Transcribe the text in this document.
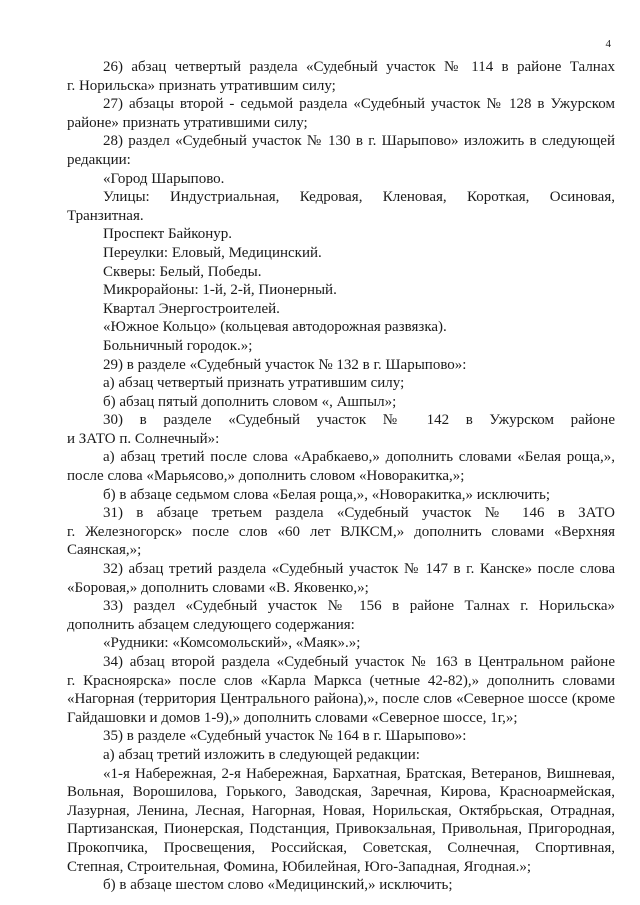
4
26) абзац четвертый раздела «Судебный участок № 114 в районе Талнах
г. Норильска» признать утратившим силу;
27) абзацы второй - седьмой раздела «Судебный участок № 128 в Ужурском
районе» признать утратившими силу;
28) раздел «Судебный участок № 130 в г. Шарыпово» изложить в следующей
редакции:
«Город Шарыпово.
Улицы: Индустриальная, Кедровая, Кленовая, Короткая, Осиновая,
Транзитная.
Проспект Байконур.
Переулки: Еловый, Медицинский.
Скверы: Белый, Победы.
Микрорайоны: 1-й, 2-й, Пионерный.
Квартал Энергостроителей.
«Южное Кольцо» (кольцевая автодорожная развязка).
Больничный городок.»;
29) в разделе «Судебный участок № 132 в г. Шарыпово»:
а) абзац четвертый признать утратившим силу;
б) абзац пятый дополнить словом «, Ашпыл»;
30) в разделе «Судебный участок № 142 в Ужурском районе
и ЗАТО п. Солнечный»:
а) абзац третий после слова «Арабкаево,» дополнить словами «Белая роща,»,
после слова «Марьясово,» дополнить словом «Новоракитка,»;
б) в абзаце седьмом слова «Белая роща,», «Новоракитка,» исключить;
31) в абзаце третьем раздела «Судебный участок № 146 в ЗАТО
г. Железногорск» после слов «60 лет ВЛКСМ,» дополнить словами «Верхняя
Саянская,»;
32) абзац третий раздела «Судебный участок № 147 в г. Канске» после слова
«Боровая,» дополнить словами «В. Яковенко,»;
33) раздел «Судебный участок № 156 в районе Талнах г. Норильска»
дополнить абзацем следующего содержания:
«Рудники: «Комсомольский», «Маяк».»;
34) абзац второй раздела «Судебный участок № 163 в Центральном районе
г. Красноярска» после слов «Карла Маркса (четные 42-82),» дополнить словами
«Нагорная (территория Центрального района),», после слов «Северное шоссе (кроме
Гайдашовки и домов 1-9),» дополнить словами «Северное шоссе, 1г,»;
35) в разделе «Судебный участок № 164 в г. Шарыпово»:
а) абзац третий изложить в следующей редакции:
«1-я Набережная, 2-я Набережная, Бархатная, Братская, Ветеранов, Вишневая,
Вольная, Ворошилова, Горького, Заводская, Заречная, Кирова, Красноармейская,
Лазурная, Ленина, Лесная, Нагорная, Новая, Норильская, Октябрьская, Отрадная,
Партизанская, Пионерская, Подстанция, Привокзальная, Привольная, Пригородная,
Прокопчика, Просвещения, Российская, Советская, Солнечная, Спортивная,
Степная, Строительная, Фомина, Юбилейная, Юго-Западная, Ягодная.»;
б) в абзаце шестом слово «Медицинский,» исключить;
